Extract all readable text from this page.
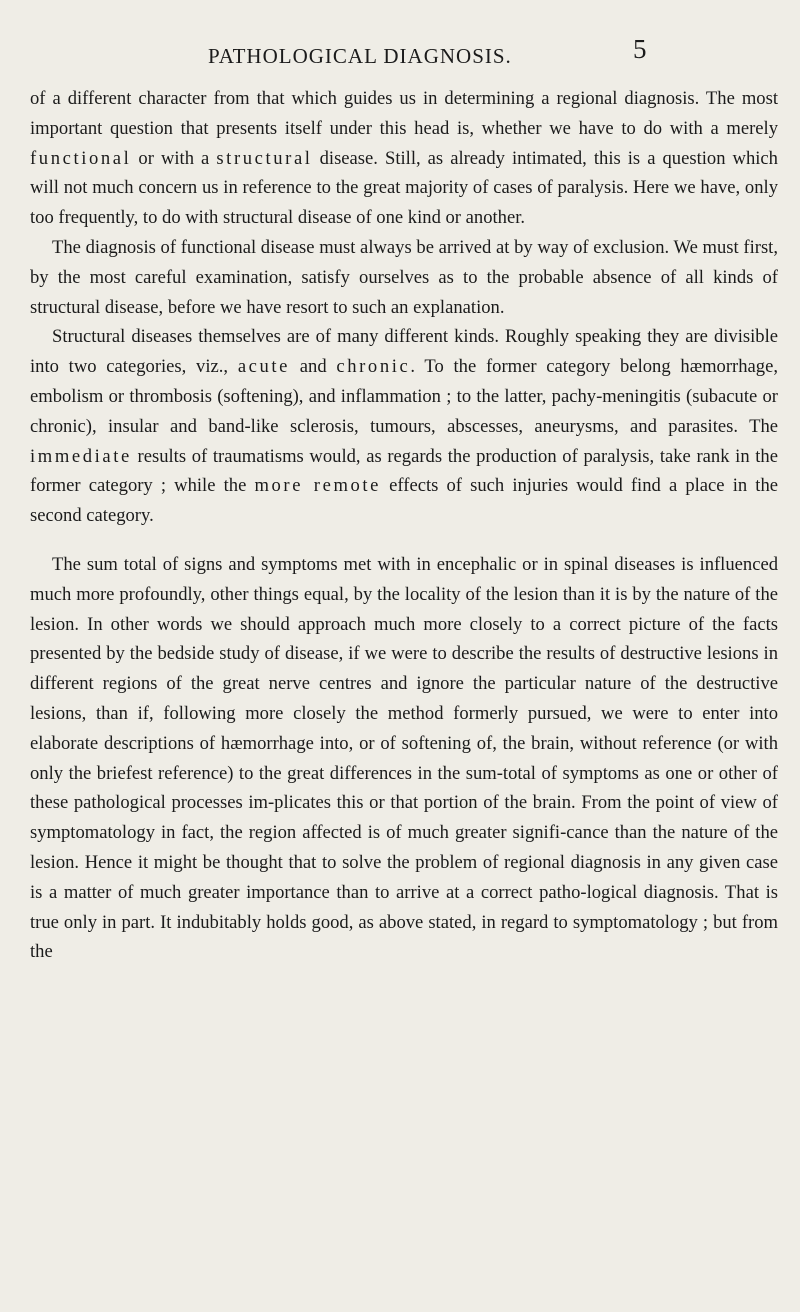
PATHOLOGICAL DIAGNOSIS.	5

of a different character from that which guides us in determining a regional diagnosis. The most important question that presents itself under this head is, whether we have to do with a merely functional or with a structural disease. Still, as already intimated, this is a question which will not much concern us in reference to the great majority of cases of paralysis. Here we have, only too frequently, to do with structural disease of one kind or another.

The diagnosis of functional disease must always be arrived at by way of exclusion. We must first, by the most careful examination, satisfy ourselves as to the probable absence of all kinds of structural disease, before we have resort to such an explanation.

Structural diseases themselves are of many different kinds. Roughly speaking they are divisible into two categories, viz., acute and chronic. To the former category belong hæmorrhage, embolism or thrombosis (softening), and inflammation ; to the latter, pachy-meningitis (subacute or chronic), insular and band-like sclerosis, tumours, abscesses, aneurysms, and parasites. The immediate results of traumatisms would, as regards the production of paralysis, take rank in the former category ; while the more remote effects of such injuries would find a place in the second category.

The sum total of signs and symptoms met with in encephalic or in spinal diseases is influenced much more profoundly, other things equal, by the locality of the lesion than it is by the nature of the lesion. In other words we should approach much more closely to a correct picture of the facts presented by the bedside study of disease, if we were to describe the results of destructive lesions in different regions of the great nerve centres and ignore the particular nature of the destructive lesions, than if, following more closely the method formerly pursued, we were to enter into elaborate descriptions of hæmorrhage into, or of softening of, the brain, without reference (or with only the briefest reference) to the great differences in the sum-total of symptoms as one or other of these pathological processes im-plicates this or that portion of the brain. From the point of view of symptomatology in fact, the region affected is of much greater signifi-cance than the nature of the lesion. Hence it might be thought that to solve the problem of regional diagnosis in any given case is a matter of much greater importance than to arrive at a correct patho-logical diagnosis. That is true only in part. It indubitably holds good, as above stated, in regard to symptomatology ; but from the
